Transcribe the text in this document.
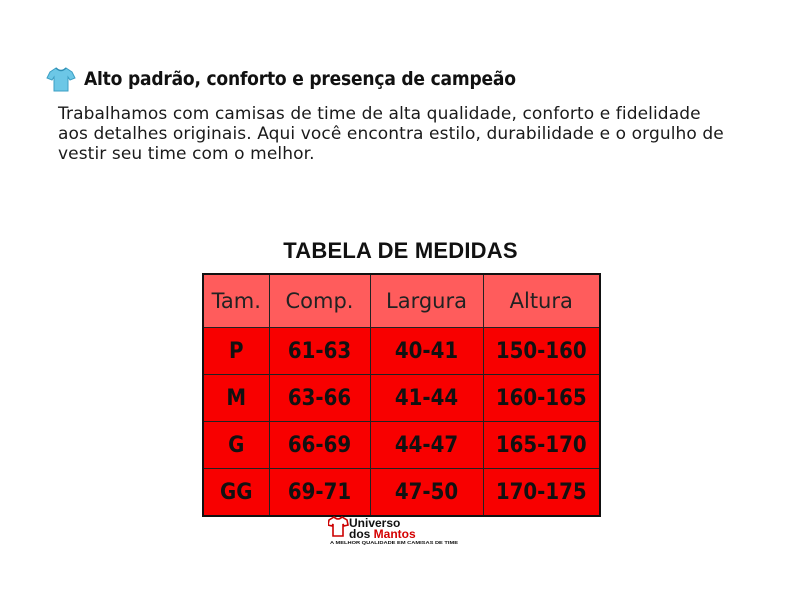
Alto padrão, conforto e presença de campeão

Trabalhamos com camisas de time de alta qualidade, conforto e fidelidade
aos detalhes originais. Aqui você encontra estilo, durabilidade e o orgulho de
vestir seu time com o melhor.

TABELA DE MEDIDAS
Tam.	Comp.	Largura	Altura
P	61-63	40-41	150-160
M	63-66	41-44	160-165
G	66-69	44-47	165-170
GG	69-71	47-50	170-175
Universo
dos Mantos
A MELHOR QUALIDADE EM CAMISAS DE TIME
